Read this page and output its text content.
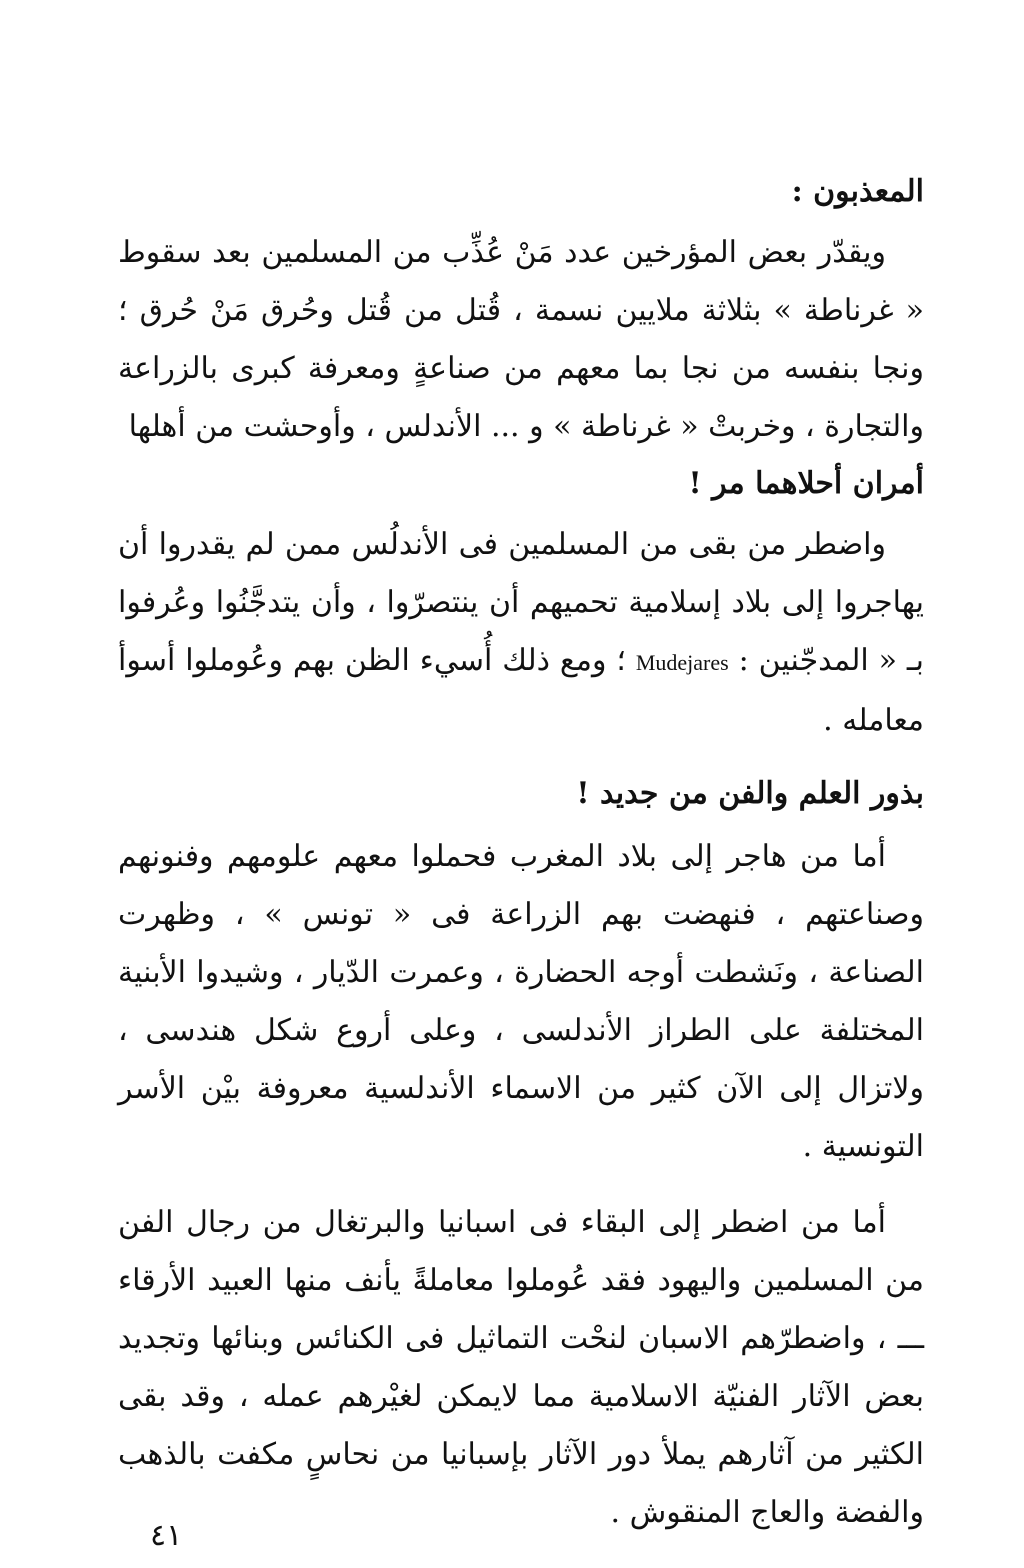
المعذبون :

ويقدّر بعض المؤرخين عدد مَنْ عُذِّب من المسلمين بعد سقوط « غرناطة » بثلاثة ملايين نسمة ، قُتل من قُتل وحُرق مَنْ حُرق ؛ ونجا بنفسه من نجا بما معهم من صناعةٍ ومعرفة كبرى بالزراعة والتجارة ، وخربتْ « غرناطة » و ... الأندلس ، وأوحشت من أهلها

أمران أحلاهما مر !

واضطر من بقى من المسلمين فى الأندلُس ممن لم يقدروا أن يهاجروا إلى بلاد إسلامية تحميهم أن ينتصرّوا ، وأن يتدجَّنُوا وعُرفوا بـ « المدجّنين : Mudejares ؛ ومع ذلك أُسيء الظن بهم وعُوملوا أسوأ معامله .

بذور العلم والفن من جديد !

أما من هاجر إلى بلاد المغرب فحملوا معهم علومهم وفنونهم وصناعتهم ، فنهضت بهم الزراعة فى « تونس » ، وظهرت الصناعة ، ونَشطت أوجه الحضارة ، وعمرت الدّيار ، وشيدوا الأبنية المختلفة على الطراز الأندلسى ، وعلى أروع شكل هندسى ، ولاتزال إلى الآن كثير من الاسماء الأندلسية معروفة بيْن الأسر التونسية .

أما من اضطر إلى البقاء فى اسبانيا والبرتغال من رجال الفن من المسلمين واليهود فقد عُوملوا معاملةً يأنف منها العبيد الأرقاء ـــ ، واضطرّهم الاسبان لنحْت التماثيل فى الكنائس وبنائها وتجديد بعض الآثار الفنيّة الاسلامية مما لايمكن لغيْرهم عمله ، وقد بقى الكثير من آثارهم يملأ دور الآثار بإسبانيا من نحاسٍ مكفت بالذهب والفضة والعاج المنقوش .

٤١
